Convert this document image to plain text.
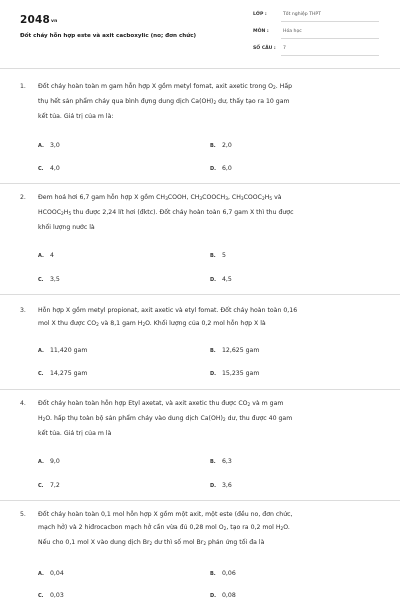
2048vn
Đốt cháy hỗn hợp este và axit cacboxylic (no; đơn chức)
LỚP :	Tốt nghiệp THPT
MÔN :	Hóa học
SỐ CÂU : 7
1. Đốt cháy hoàn toàn m gam hỗn hợp X gồm metyl fomat, axit axetic trong $O_2$. Hấp
thụ hết sản phẩm cháy qua bình đựng dung dịch $Ca(OH)_2$ dư, thấy tạo ra 10 gam
kết tủa. Giá trị của m là:
A. 3,0	B. 2,0
C. 4,0	D. 6,0
2. Đem hoá hơi 6,7 gam hỗn hợp X gồm $CH_3COOH$, $CH_3COOCH_3$, $CH_3COOC_2H_5$ và
$HCOOC_2H_5$ thu được 2,24 lít hơi (đktc). Đốt cháy hoàn toàn 6,7 gam X thì thu được
khối lượng nước là
A. 4	B. 5
C. 3,5	D. 4,5
3. Hỗn hợp X gồm metyl propionat, axit axetic và etyl fomat. Đốt cháy hoàn toàn 0,16
mol X thu được $CO_2$ và 8,1 gam $H_2O$. Khối lượng của 0,2 mol hỗn hợp X là
A. 11,420 gam	B. 12,625 gam
C. 14,275 gam	D. 15,235 gam
4. Đốt cháy hoàn toàn hỗn hợp Etyl axetat, và axit axetic thu được $CO_2$ và m gam
$H_2O$. hấp thụ toàn bộ sản phẩm cháy vào dung dịch $Ca(OH)_2$ dư, thu được 40 gam
kết tủa. Giá trị của m là
A. 9,0	B. 6,3
C. 7,2	D. 3,6
5. Đốt cháy hoàn toàn 0,1 mol hỗn hợp X gồm một axit, một este (đều no, đơn chức,
mạch hở) và 2 hiđrocacbon mạch hở cần vừa đủ 0,28 mol $O_2$, tạo ra 0,2 mol $H_2O$.
Nếu cho 0,1 mol X vào dung dịch $Br_2$ dư thì số mol $Br_2$ phản ứng tối đa là
A. 0,04	B. 0,06
C. 0,03	D. 0,08
